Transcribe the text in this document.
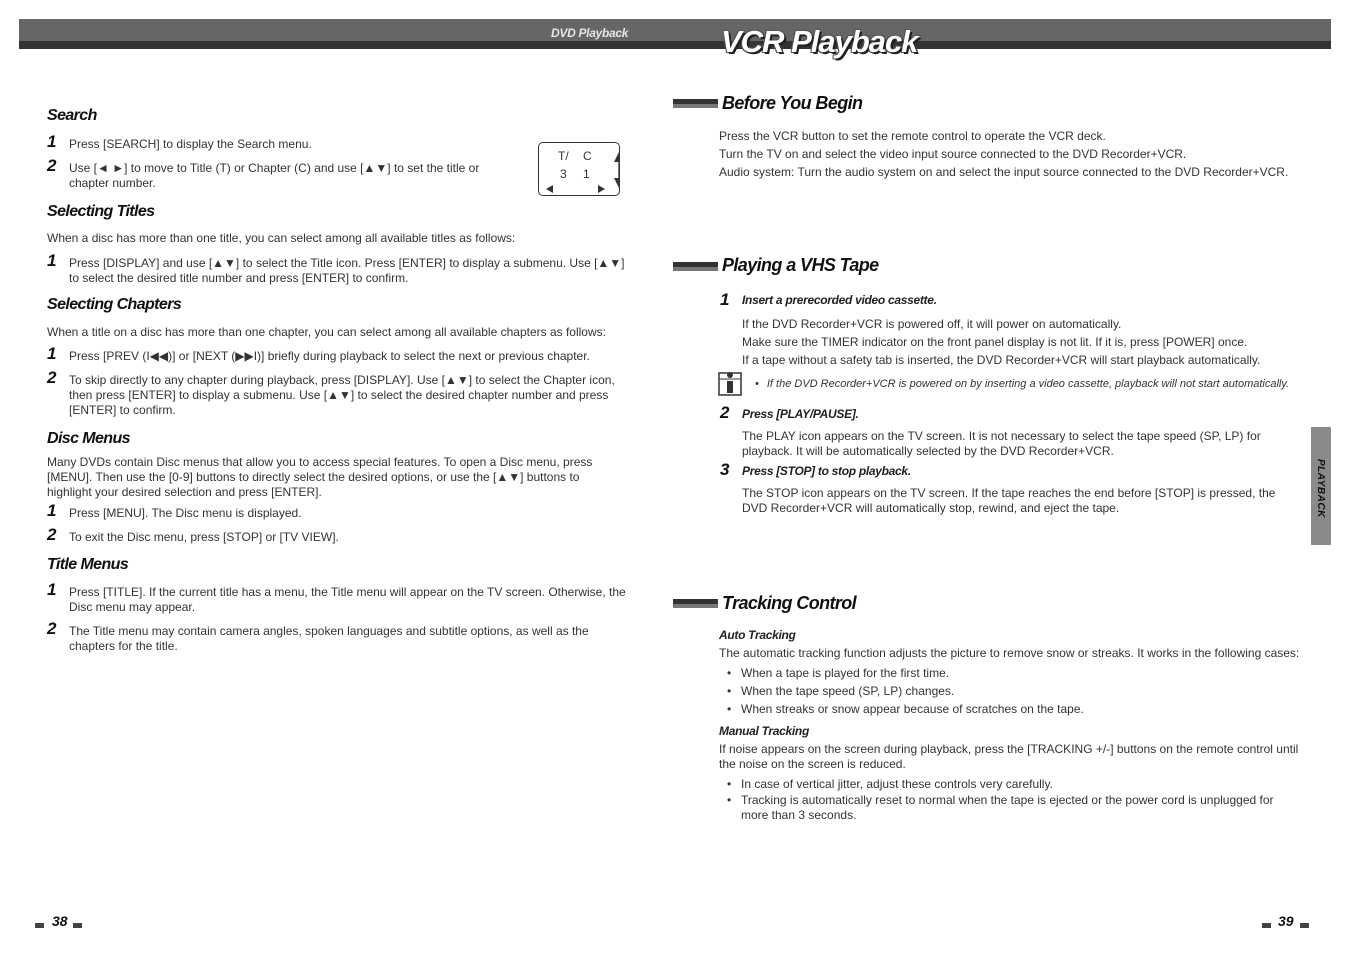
DVD Playback	VCR Playback
Search
1 Press [SEARCH] to display the Search menu.
2 Use [◄ ►] to move to Title (T) or Chapter (C) and use [▲▼] to set the title or chapter number.
T/ C
3 1
Selecting Titles

When a disc has more than one title, you can select among all available titles as follows:

1 Press [DISPLAY] and use [▲▼] to select the Title icon. Press [ENTER] to display a submenu. Use [▲▼] to select the desired title number and press [ENTER] to confirm.
Selecting Chapters

When a title on a disc has more than one chapter, you can select among all available chapters as follows:

1 Press [PREV (I◀◀)] or [NEXT (▶▶I)] briefly during playback to select the next or previous chapter.
2 To skip directly to any chapter during playback, press [DISPLAY]. Use [▲▼] to select the Chapter icon, then press [ENTER] to display a submenu. Use [▲▼] to select the desired chapter number and press [ENTER] to confirm.
Disc Menus

Many DVDs contain Disc menus that allow you to access special features. To open a Disc menu, press [MENU]. Then use the [0-9] buttons to directly select the desired options, or use the [▲▼] buttons to highlight your desired selection and press [ENTER].

1 Press [MENU]. The Disc menu is displayed.
2 To exit the Disc menu, press [STOP] or [TV VIEW].
Title Menus
1 Press [TITLE]. If the current title has a menu, the Title menu will appear on the TV screen. Otherwise, the Disc menu may appear.
2 The Title menu may contain camera angles, spoken languages and subtitle options, as well as the chapters for the title.
38
Before You Begin

Press the VCR button to set the remote control to operate the VCR deck.

Turn the TV on and select the video input source connected to the DVD Recorder+VCR.

Audio system: Turn the audio system on and select the input source connected to the DVD Recorder+VCR.

Playing a VHS Tape
1 Insert a prerecorded video cassette.

If the DVD Recorder+VCR is powered off, it will power on automatically.

Make sure the TIMER indicator on the front panel display is not lit. If it is, press [POWER] once.

If a tape without a safety tab is inserted, the DVD Recorder+VCR will start playback automatically.

• If the DVD Recorder+VCR is powered on by inserting a video cassette, playback will not start automatically.
2 Press [PLAY/PAUSE].
The PLAY icon appears on the TV screen. It is not necessary to select the tape speed (SP, LP) for playback. It will be automatically selected by the DVD Recorder+VCR.
3 Press [STOP] to stop playback.
The STOP icon appears on the TV screen. If the tape reaches the end before [STOP] is pressed, the DVD Recorder+VCR will automatically stop, rewind, and eject the tape.
Tracking Control
Auto Tracking

The automatic tracking function adjusts the picture to remove snow or streaks. It works in the following cases:

• When a tape is played for the first time.
• When the tape speed (SP, LP) changes.
• When streaks or snow appear because of scratches on the tape.
Manual Tracking

If noise appears on the screen during playback, press the [TRACKING +/-] buttons on the remote control until the noise on the screen is reduced.

• In case of vertical jitter, adjust these controls very carefully.
• Tracking is automatically reset to normal when the tape is ejected or the power cord is unplugged for more than 3 seconds.
PLAYBACK
39
